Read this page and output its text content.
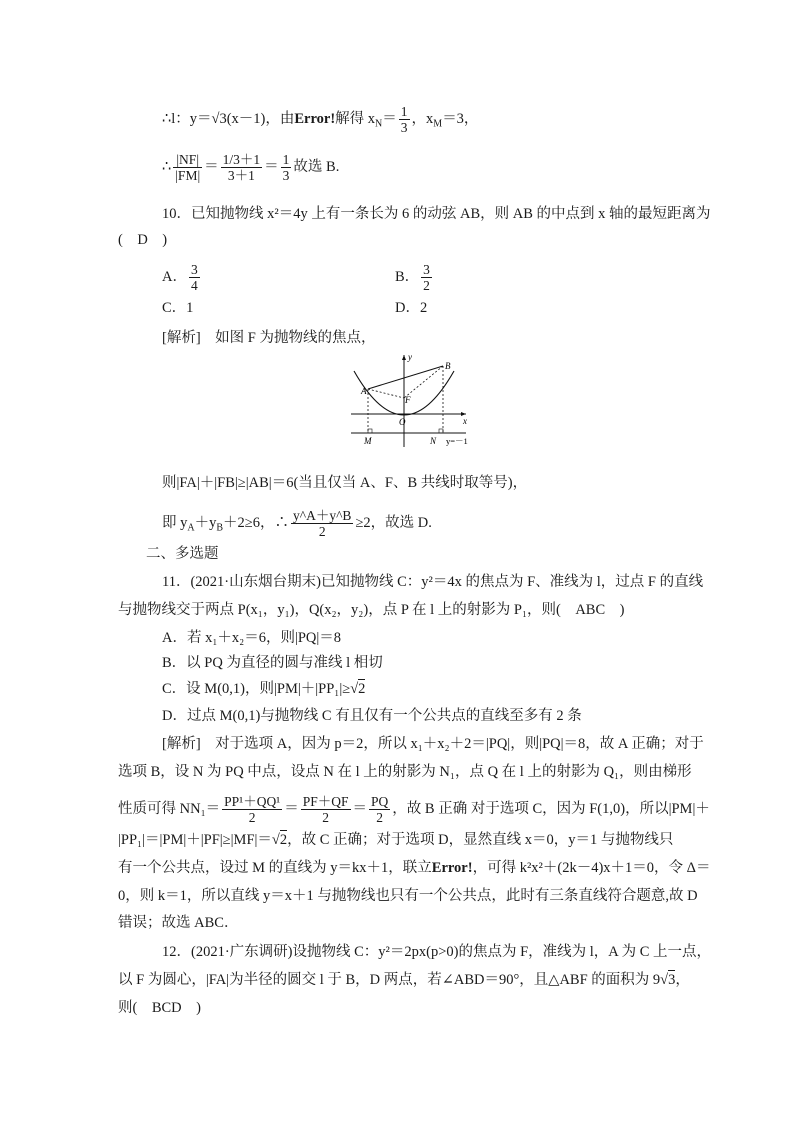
∴l：y＝√3(x－1)，由Error!解得 $x_N= \frac{1}{3}$ ，$x_M=3$，
∴ $\frac{|NF|}{|FM|} = \frac{1/3+1}{3+1} = \frac{1}{3}$ 故选 B.
10．已知抛物线 x²＝4y 上有一条长为 6 的动弦 AB，则 AB 的中点到 x 轴的最短距离为
(　D　)
A． $\frac{3}{4}$	B． $\frac{3}{2}$
C．1	D．2
[解析]　如图 F 为抛物线的焦点，
y
x
A
B
F
O
M	N y=－1
则|FA|＋|FB|≥|AB|＝6(当且仅当 A、F、B 共线时取等号)，
即 $y_A+y_B+2\ge 6$，∴ $\frac{y\^{}A+y\^{}B}{2} \ge 2$，故选 D.
二、多选题
11．(2021·山东烟台期末)已知抛物线 C：y²＝4x 的焦点为 F、准线为 l，过点 F 的直线
与抛物线交于两点 P(x₁，y₁)，Q(x₂，y₂)，点 P 在 l 上的射影为 P₁，则(　ABC　)
A．若 x₁＋x₂＝6，则|PQ|＝8
B．以 PQ 为直径的圆与准线 l 相切
C．设 M(0,1)，则|PM|＋|PP₁|≥√2
D．过点 M(0,1)与抛物线 C 有且仅有一个公共点的直线至多有 2 条
[解析]　对于选项 A，因为 p＝2，所以 x₁＋x₂＋2＝|PQ|，则|PQ|＝8，故 A 正确；对于
选项 B，设 N 为 PQ 中点，设点 N 在 l 上的射影为 N₁，点 Q 在 l 上的射影为 Q₁，则由梯形
性质可得 $NN_1= \frac{\text{PP¹＋QQ¹}}{2} = \frac{PF+QF}{2} = \frac{PQ}{2}$ ，故 B 正确 对于选项 C，因为 F(1,0)，所以|PM|＋
|PP₁|＝|PM|＋|PF|≥|MF|＝√2，故 C 正确；对于选项 D，显然直线 x＝0，y＝1 与抛物线只
有一个公共点，设过 M 的直线为 y＝kx＋1，联立Error!，可得 k²x²＋(2k－4)x＋1＝0，令 Δ＝
0，则 k＝1，所以直线 y＝x＋1 与抛物线也只有一个公共点，此时有三条直线符合题意,故 D
错误；故选 ABC．
12．(2021·广东调研)设抛物线 C：y²＝2px(p>0)的焦点为 F，准线为 l，A 为 C 上一点，
以 F 为圆心，|FA|为半径的圆交 l 于 B，D 两点，若∠ABD＝90°，且△ABF 的面积为 9√3，
则(　BCD　)
